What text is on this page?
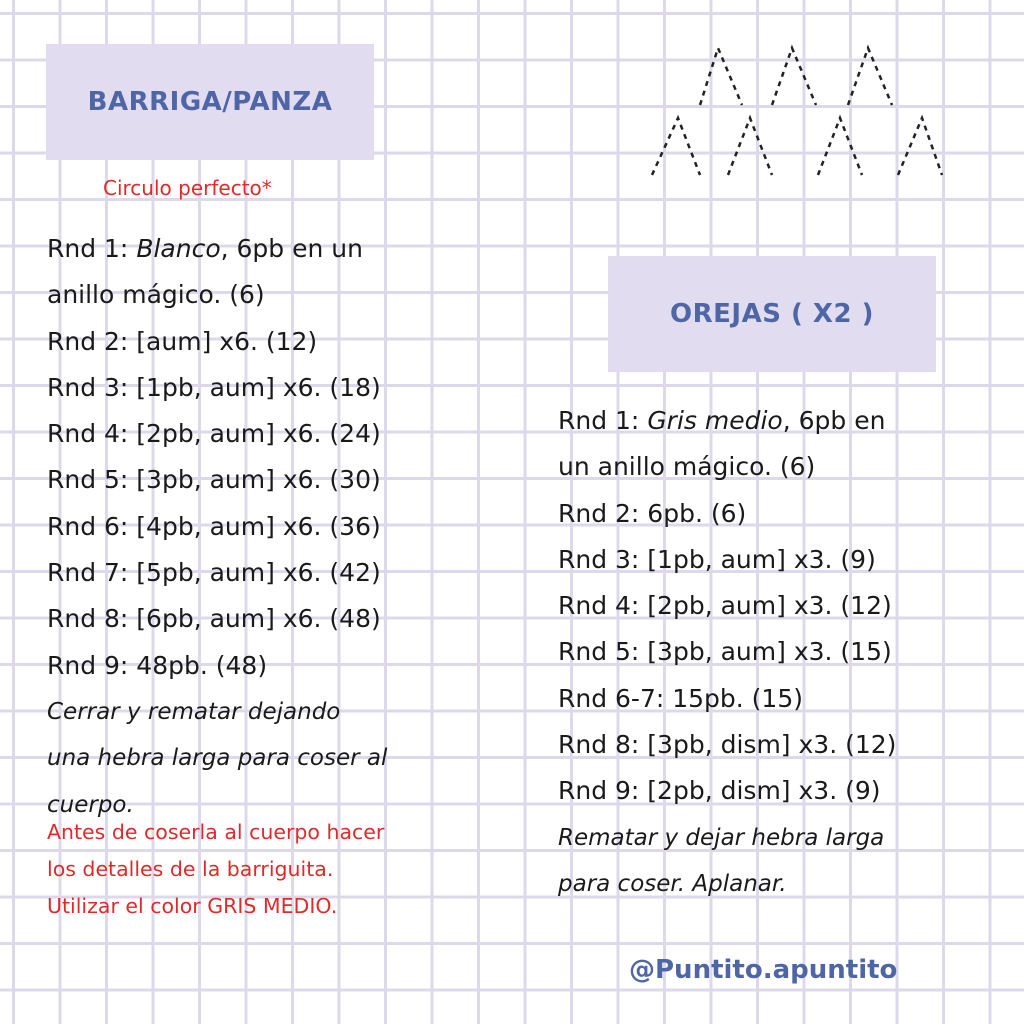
BARRIGA/PANZA
OREJAS ( X2 )
Circulo perfecto*
Rnd 1: Blanco, 6pb en un
anillo mágico. (6)
Rnd 2: [aum] x6. (12)
Rnd 3: [1pb, aum] x6. (18)
Rnd 4: [2pb, aum] x6. (24)
Rnd 5: [3pb, aum] x6. (30)
Rnd 6: [4pb, aum] x6. (36)
Rnd 7: [5pb, aum] x6. (42)
Rnd 8: [6pb, aum] x6. (48)
Rnd 9: 48pb. (48)
Cerrar y rematar dejando
una hebra larga para coser al
cuerpo.
Antes de coserla al cuerpo hacer
los detalles de la barriguita.
Utilizar el color GRIS MEDIO.
Rnd 1: Gris medio, 6pb en
un anillo mágico. (6)
Rnd 2: 6pb. (6)
Rnd 3: [1pb, aum] x3. (9)
Rnd 4: [2pb, aum] x3. (12)
Rnd 5: [3pb, aum] x3. (15)
Rnd 6-7: 15pb. (15)
Rnd 8: [3pb, dism] x3. (12)
Rnd 9: [2pb, dism] x3. (9)
Rematar y dejar hebra larga
para coser. Aplanar.
@Puntito.apuntito
